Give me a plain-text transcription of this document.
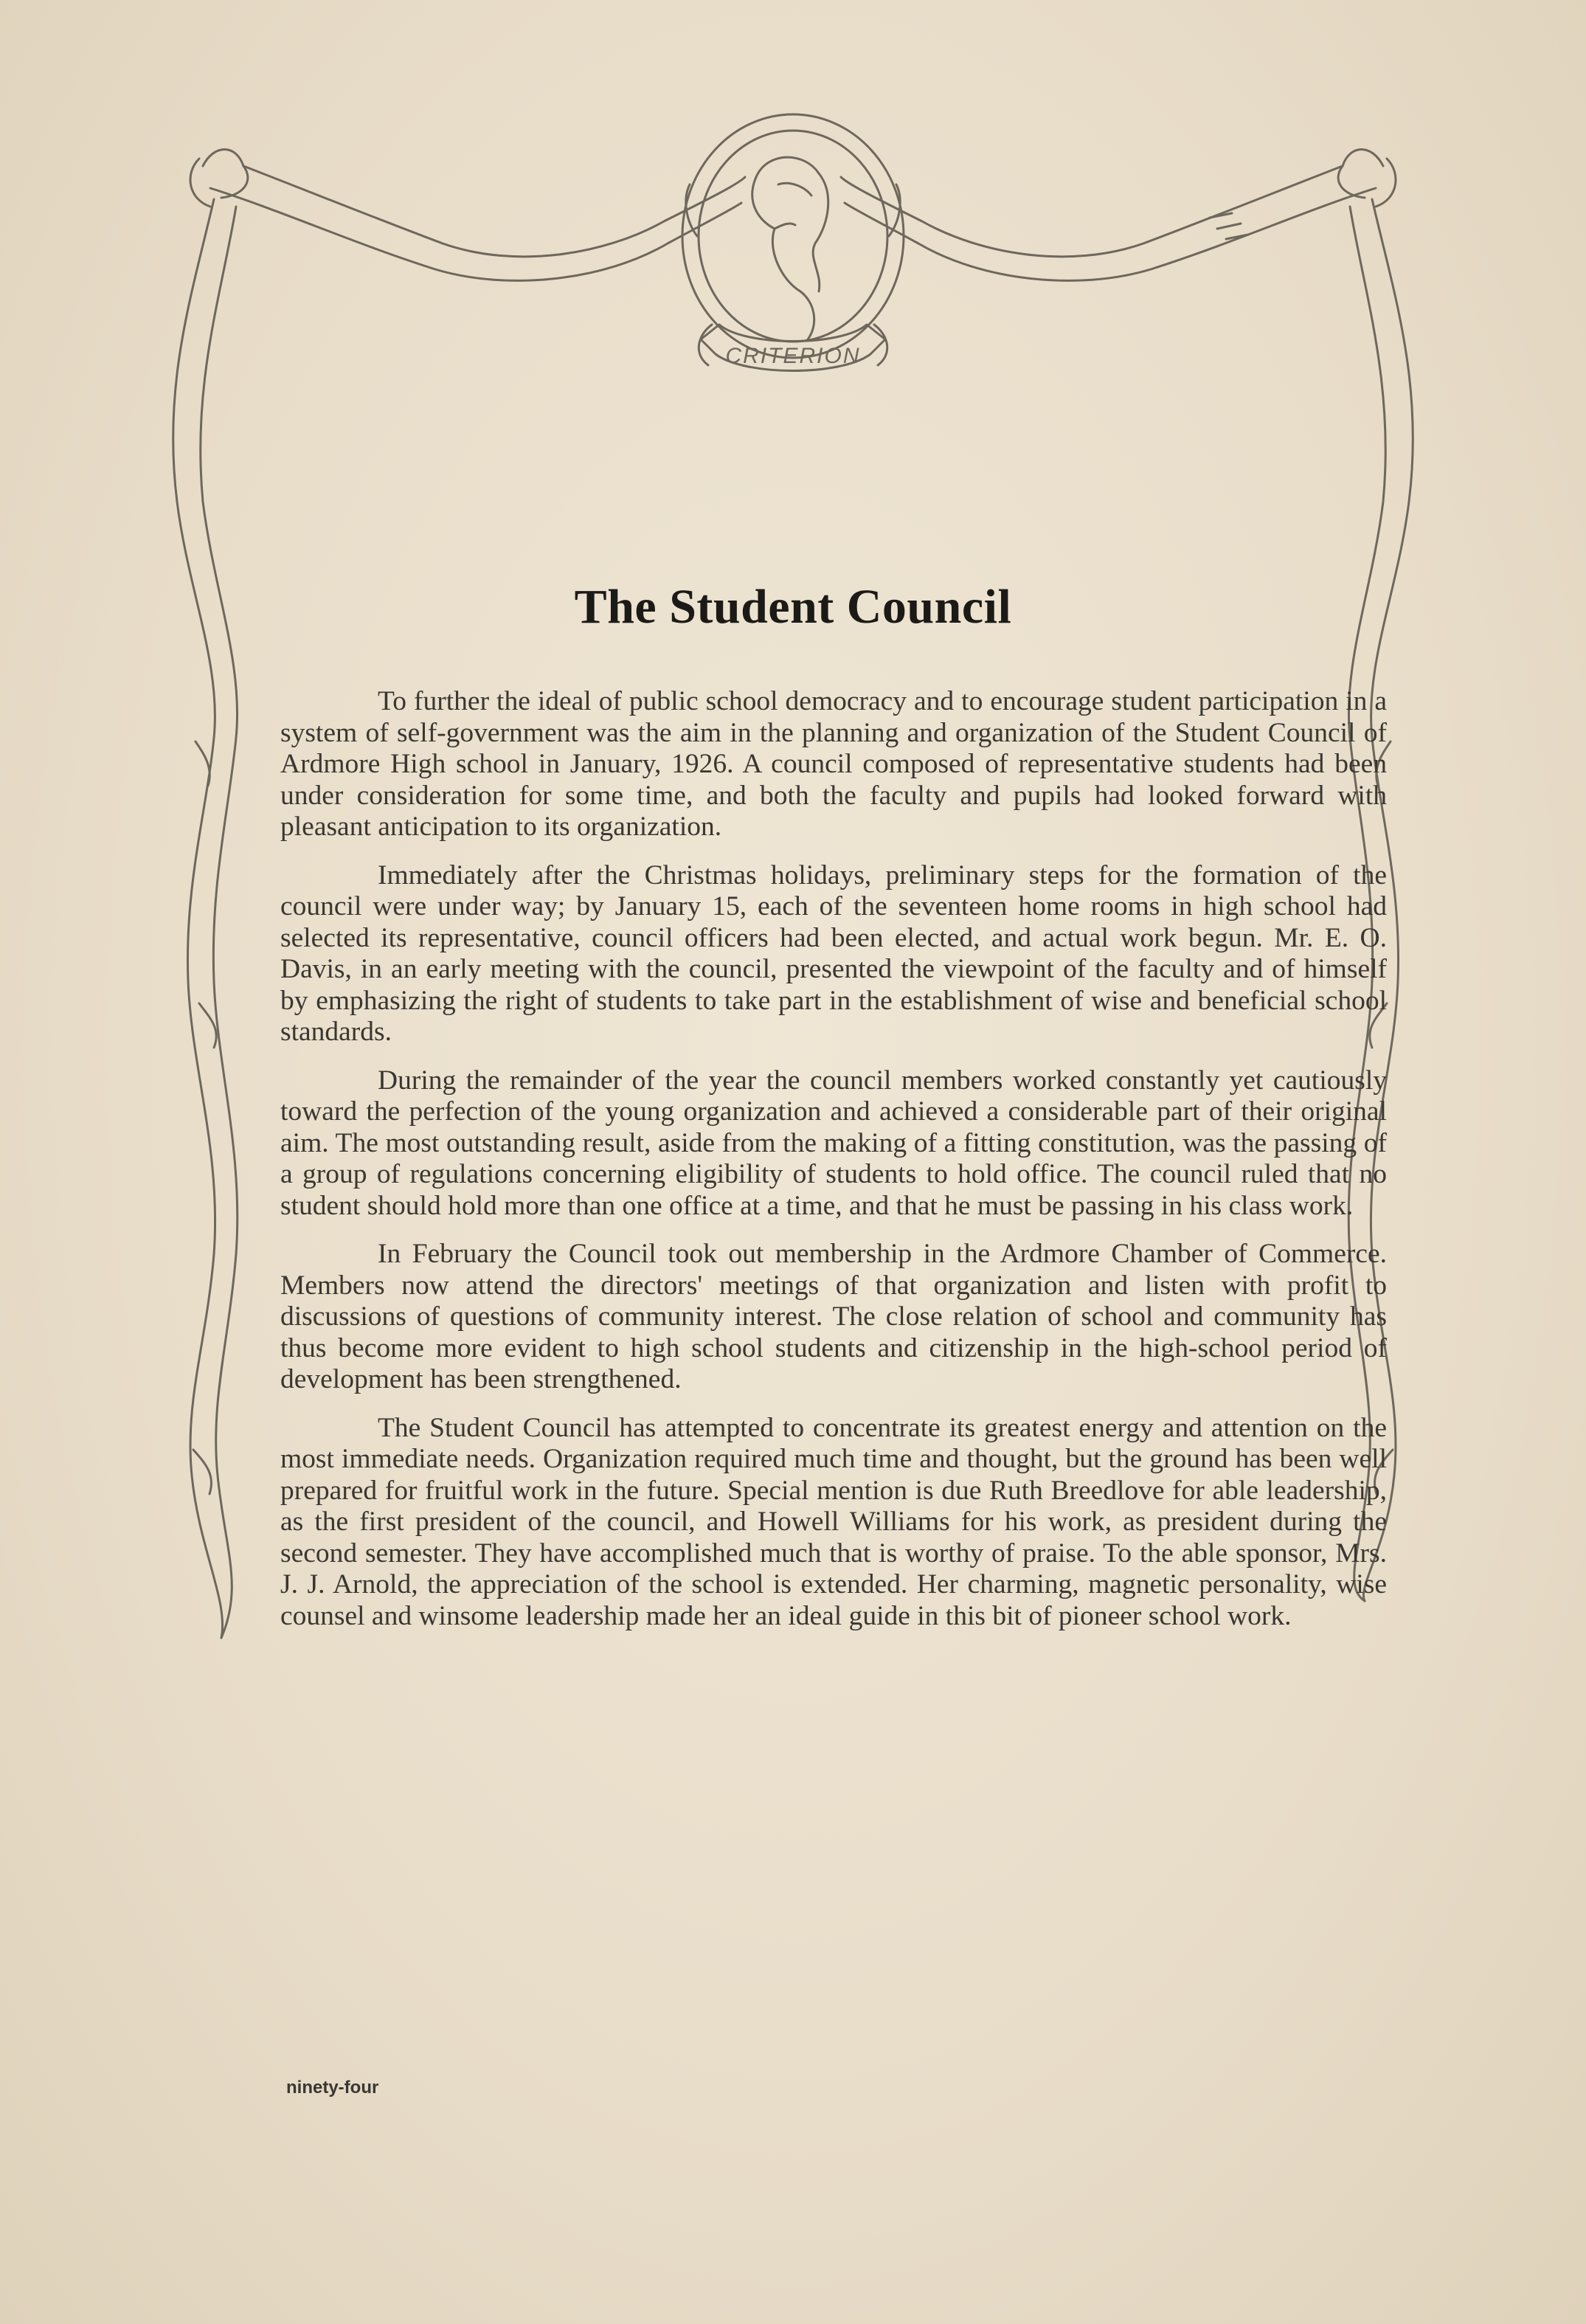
CRITERION
The Student Council

To further the ideal of public school democracy and to encourage student participation in a system of self-government was the aim in the planning and organization of the Student Council of Ardmore High school in January, 1926. A council composed of representative students had been under consideration for some time, and both the faculty and pupils had looked forward with pleasant anticipation to its organization.

Immediately after the Christmas holidays, preliminary steps for the formation of the council were under way; by January 15, each of the seventeen home rooms in high school had selected its representative, council officers had been elected, and actual work begun. Mr. E. O. Davis, in an early meeting with the council, presented the viewpoint of the faculty and of himself by emphasizing the right of students to take part in the establishment of wise and beneficial school standards.

During the remainder of the year the council members worked constantly yet cautiously toward the perfection of the young organization and achieved a considerable part of their original aim. The most outstanding result, aside from the making of a fitting constitution, was the passing of a group of regulations concerning eligibility of students to hold office. The council ruled that no student should hold more than one office at a time, and that he must be passing in his class work.

In February the Council took out membership in the Ardmore Chamber of Commerce. Members now attend the directors' meetings of that organization and listen with profit to discussions of questions of community interest. The close relation of school and community has thus become more evident to high school students and citizenship in the high-school period of development has been strengthened.

The Student Council has attempted to concentrate its greatest energy and attention on the most immediate needs. Organization required much time and thought, but the ground has been well prepared for fruitful work in the future. Special mention is due Ruth Breedlove for able leadership, as the first president of the council, and Howell Williams for his work, as president during the second semester. They have accomplished much that is worthy of praise. To the able sponsor, Mrs. J. J. Arnold, the appreciation of the school is extended. Her charming, magnetic personality, wise counsel and winsome leadership made her an ideal guide in this bit of pioneer school work.

ninety-four
